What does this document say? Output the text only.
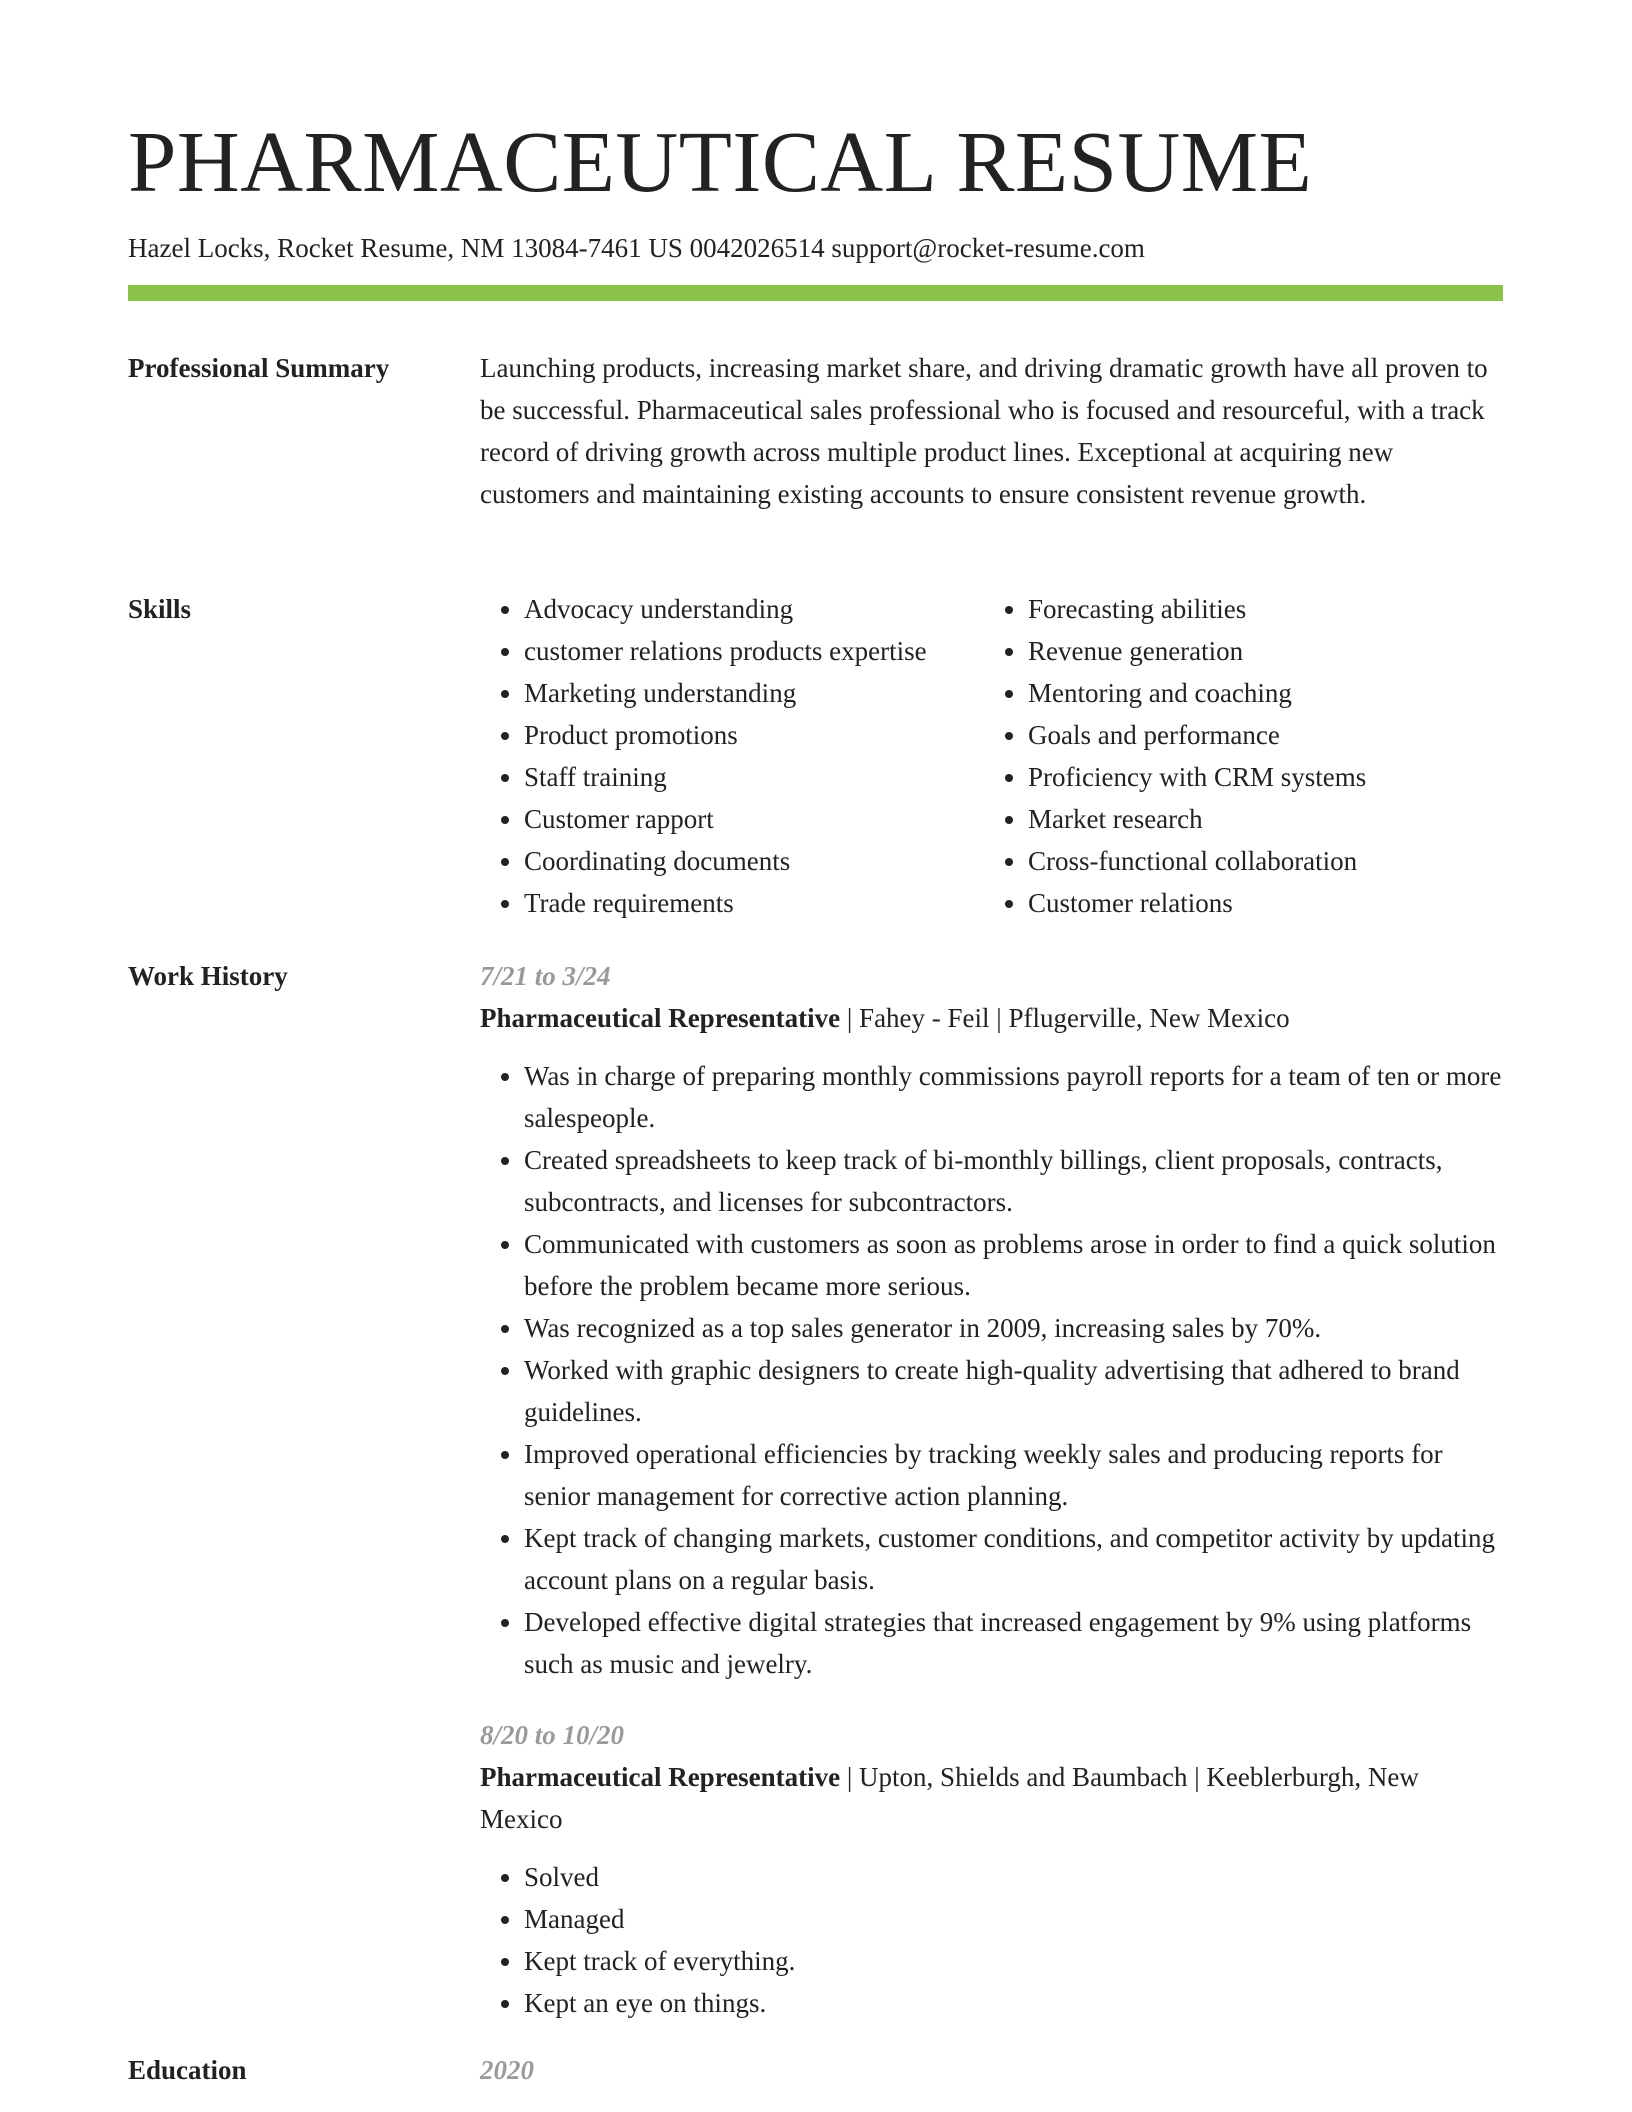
PHARMACEUTICAL RESUME
Hazel Locks, Rocket Resume, NM 13084-7461 US 0042026514 support@rocket-resume.com
Professional Summary	Launching products, increasing market share, and driving dramatic growth have all proven to be successful. Pharmaceutical sales professional who is focused and resourceful, with a track record of driving growth across multiple product lines. Exceptional at acquiring new customers and maintaining existing accounts to ensure consistent revenue growth.

Skills
•	Advocacy understanding
• customer relations products expertise
• Marketing understanding
• Product promotions
• Staff training
• Customer rapport
• Coordinating documents
• Trade requirements
• Forecasting abilities
• Revenue generation
• Mentoring and coaching
• Goals and performance
• Proficiency with CRM systems
• Market research
• Cross-functional collaboration
• Customer relations
Work History	7/21 to 3/24
Pharmaceutical Representative | Fahey - Feil | Pflugerville, New Mexico
• Was in charge of preparing monthly commissions payroll reports for a team of ten or more salespeople.
• Created spreadsheets to keep track of bi-monthly billings, client proposals, contracts, subcontracts, and licenses for subcontractors.
• Communicated with customers as soon as problems arose in order to find a quick solution before the problem became more serious.
• Was recognized as a top sales generator in 2009, increasing sales by 70%.
• Worked with graphic designers to create high-quality advertising that adhered to brand guidelines.
• Improved operational efficiencies by tracking weekly sales and producing reports for senior management for corrective action planning.
• Kept track of changing markets, customer conditions, and competitor activity by updating account plans on a regular basis.
• Developed effective digital strategies that increased engagement by 9% using platforms such as music and jewelry.
8/20 to 10/20
Pharmaceutical Representative | Upton, Shields and Baumbach | Keeblerburgh, New Mexico
• Solved
• Managed
• Kept track of everything.
• Kept an eye on things.
Education	2020
